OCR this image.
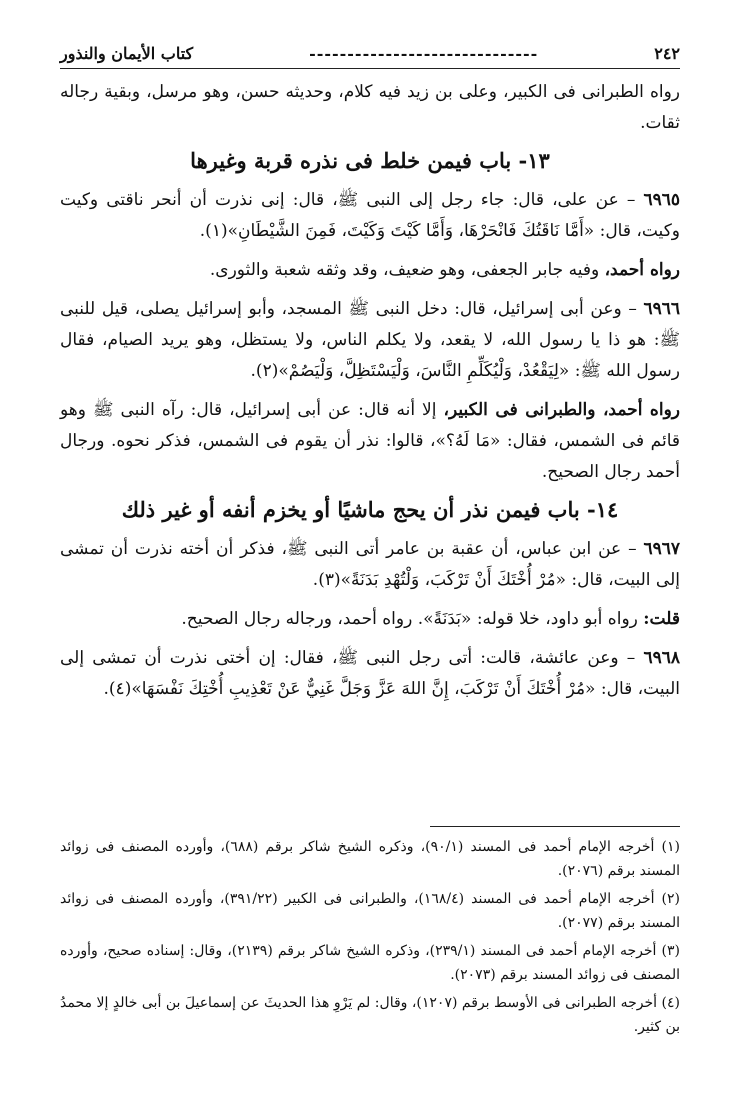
٢٤٢
------------------------------
كتاب الأيمان والنذور

رواه الطبرانى فى الكبير، وعلى بن زيد فيه كلام، وحديثه حسن، وهو مرسل، وبقية رجاله ثقات.

١٣- باب فيمن خلط فى نذره قربة وغيرها

٦٩٦٥ – عن على، قال: جاء رجل إلى النبى ﷺ، قال: إنى نذرت أن أنحر ناقتى وكيت وكيت، قال: «أَمَّا نَاقَتُكَ فَانْحَرْهَا، وَأَمَّا كَيْتَ وَكَيْتَ، فَمِنَ الشَّيْطَانِ»(١).

رواه أحمد، وفيه جابر الجعفى، وهو ضعيف، وقد وثقه شعبة والثورى.

٦٩٦٦ – وعن أبى إسرائيل، قال: دخل النبى ﷺ المسجد، وأبو إسرائيل يصلى، قيل للنبى ﷺ: هو ذا يا رسول الله، لا يقعد، ولا يكلم الناس، ولا يستظل، وهو يريد الصيام، فقال رسول الله ﷺ: «لِيَقْعُدْ، وَلْيُكَلِّمِ النَّاسَ، وَلْيَسْتَظِلَّ، وَلْيَصُمْ»(٢).

رواه أحمد، والطبرانى فى الكبير، إلا أنه قال: عن أبى إسرائيل، قال: رآه النبى ﷺ وهو قائم فى الشمس، فقال: «مَا لَهُ؟»، قالوا: نذر أن يقوم فى الشمس، فذكر نحوه. ورجال أحمد رجال الصحيح.

١٤- باب فيمن نذر أن يحج ماشيًا أو يخزم أنفه أو غير ذلك

٦٩٦٧ – عن ابن عباس، أن عقبة بن عامر أتى النبى ﷺ، فذكر أن أخته نذرت أن تمشى إلى البيت، قال: «مُرْ أُخْتَكَ أَنْ تَرْكَبَ، وَلْتُهْدِ بَدَنَةً»(٣).

قلت: رواه أبو داود، خلا قوله: «بَدَنَةً». رواه أحمد، ورجاله رجال الصحيح.

٦٩٦٨ – وعن عائشة، قالت: أتى رجل النبى ﷺ، فقال: إن أختى نذرت أن تمشى إلى البيت، قال: «مُرْ أُخْتَكَ أَنْ تَرْكَبَ، إِنَّ اللهَ عَزَّ وَجَلَّ غَنِيٌّ عَنْ تَعْذِيبِ أُخْتِكَ نَفْسَهَا»(٤).

(١) أخرجه الإمام أحمد فى المسند (٩٠/١)، وذكره الشيخ شاكر برقم (٦٨٨)، وأورده المصنف فى زوائد المسند برقم (٢٠٧٦).

(٢) أخرجه الإمام أحمد فى المسند (١٦٨/٤)، والطبرانى فى الكبير (٣٩١/٢٢)، وأورده المصنف فى زوائد المسند برقم (٢٠٧٧).

(٣) أخرجه الإمام أحمد فى المسند (٢٣٩/١)، وذكره الشيخ شاكر برقم (٢١٣٩)، وقال: إسناده صحيح، وأورده المصنف فى زوائد المسند برقم (٢٠٧٣).

(٤) أخرجه الطبرانى فى الأوسط برقم (١٢٠٧)، وقال: لم يَرْوِ هذا الحديثَ عن إسماعيلَ بن أبى خالدٍ إلا محمدُ بن كثير.
